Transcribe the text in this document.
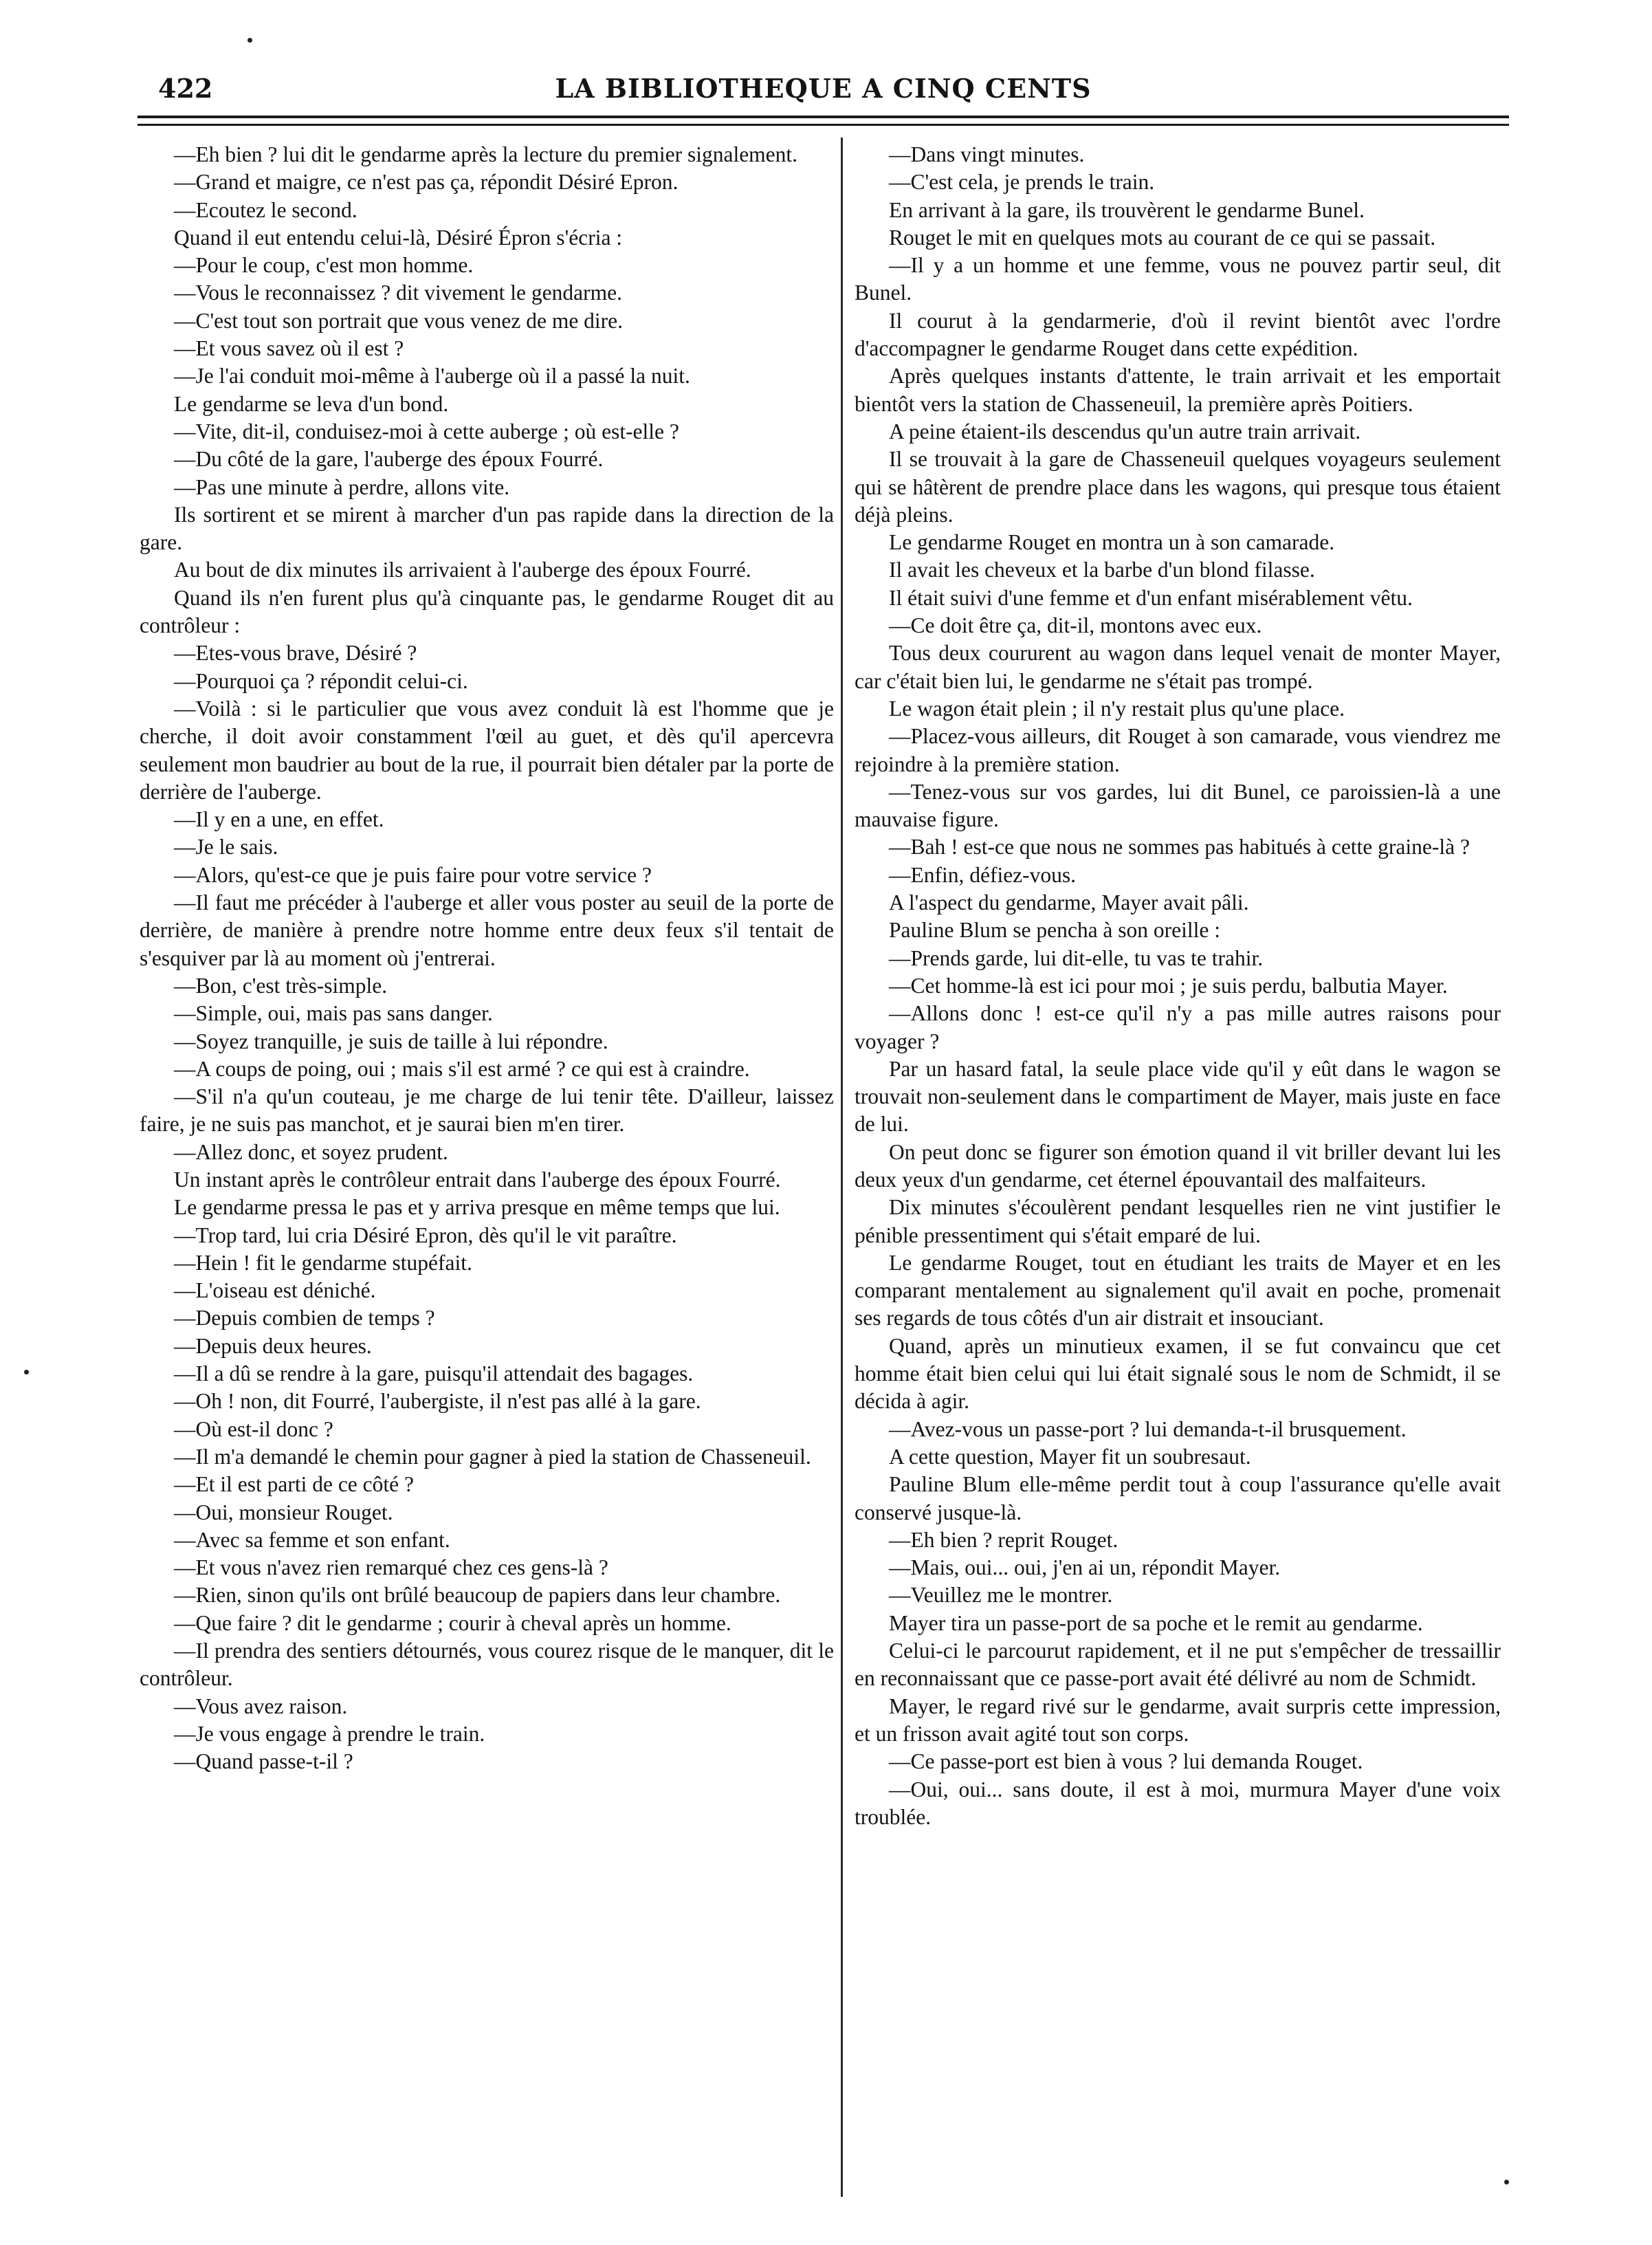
422	LA BIBLIOTHEQUE A CINQ CENTS

—Eh bien ? lui dit le gendarme après la lecture du premier signalement.

—Grand et maigre, ce n'est pas ça, répondit Désiré Epron.

—Ecoutez le second.

Quand il eut entendu celui-là, Désiré Épron s'écria :

—Pour le coup, c'est mon homme.

—Vous le reconnaissez ? dit vivement le gendarme.

—C'est tout son portrait que vous venez de me dire.

—Et vous savez où il est ?

—Je l'ai conduit moi-même à l'auberge où il a passé la nuit.

Le gendarme se leva d'un bond.

—Vite, dit-il, conduisez-moi à cette auberge ; où est-elle ?

—Du côté de la gare, l'auberge des époux Fourré.

—Pas une minute à perdre, allons vite.

Ils sortirent et se mirent à marcher d'un pas rapide dans la direction de la gare.

Au bout de dix minutes ils arrivaient à l'auberge des époux Fourré.

Quand ils n'en furent plus qu'à cinquante pas, le gendarme Rouget dit au contrôleur :

—Etes-vous brave, Désiré ?

—Pourquoi ça ? répondit celui-ci.

—Voilà : si le particulier que vous avez conduit là est l'homme que je cherche, il doit avoir constamment l'œil au guet, et dès qu'il apercevra seulement mon baudrier au bout de la rue, il pourrait bien détaler par la porte de derrière de l'auberge.

—Il y en a une, en effet.

—Je le sais.

—Alors, qu'est-ce que je puis faire pour votre service ?

—Il faut me précéder à l'auberge et aller vous poster au seuil de la porte de derrière, de manière à prendre notre homme entre deux feux s'il tentait de s'esquiver par là au moment où j'entrerai.

—Bon, c'est très-simple.

—Simple, oui, mais pas sans danger.

—Soyez tranquille, je suis de taille à lui répondre.

—A coups de poing, oui ; mais s'il est armé ? ce qui est à craindre.

—S'il n'a qu'un couteau, je me charge de lui tenir tête. D'ailleur, laissez faire, je ne suis pas manchot, et je saurai bien m'en tirer.

—Allez donc, et soyez prudent.

Un instant après le contrôleur entrait dans l'auberge des époux Fourré.

Le gendarme pressa le pas et y arriva presque en même temps que lui.

—Trop tard, lui cria Désiré Epron, dès qu'il le vit paraître.

—Hein ! fit le gendarme stupéfait.

—L'oiseau est déniché.

—Depuis combien de temps ?

—Depuis deux heures.

—Il a dû se rendre à la gare, puisqu'il attendait des bagages.

—Oh ! non, dit Fourré, l'aubergiste, il n'est pas allé à la gare.

—Où est-il donc ?

—Il m'a demandé le chemin pour gagner à pied la station de Chasseneuil.

—Et il est parti de ce côté ?

—Oui, monsieur Rouget.

—Avec sa femme et son enfant.

—Et vous n'avez rien remarqué chez ces gens-là ?

—Rien, sinon qu'ils ont brûlé beaucoup de papiers dans leur chambre.

—Que faire ? dit le gendarme ; courir à cheval après un homme.

—Il prendra des sentiers détournés, vous courez risque de le manquer, dit le contrôleur.

—Vous avez raison.

—Je vous engage à prendre le train.

—Quand passe-t-il ?

—Dans vingt minutes.

—C'est cela, je prends le train.

En arrivant à la gare, ils trouvèrent le gendarme Bunel.

Rouget le mit en quelques mots au courant de ce qui se passait.

—Il y a un homme et une femme, vous ne pouvez partir seul, dit Bunel.

Il courut à la gendarmerie, d'où il revint bientôt avec l'ordre d'accompagner le gendarme Rouget dans cette expédition.

Après quelques instants d'attente, le train arrivait et les emportait bientôt vers la station de Chasseneuil, la première après Poitiers.

A peine étaient-ils descendus qu'un autre train arrivait.

Il se trouvait à la gare de Chasseneuil quelques voyageurs seulement qui se hâtèrent de prendre place dans les wagons, qui presque tous étaient déjà pleins.

Le gendarme Rouget en montra un à son camarade.

Il avait les cheveux et la barbe d'un blond filasse.

Il était suivi d'une femme et d'un enfant misérablement vêtu.

—Ce doit être ça, dit-il, montons avec eux.

Tous deux coururent au wagon dans lequel venait de monter Mayer, car c'était bien lui, le gendarme ne s'était pas trompé.

Le wagon était plein ; il n'y restait plus qu'une place.

—Placez-vous ailleurs, dit Rouget à son camarade, vous viendrez me rejoindre à la première station.

—Tenez-vous sur vos gardes, lui dit Bunel, ce paroissien-là a une mauvaise figure.

—Bah ! est-ce que nous ne sommes pas habitués à cette graine-là ?

—Enfin, défiez-vous.

A l'aspect du gendarme, Mayer avait pâli.

Pauline Blum se pencha à son oreille :

—Prends garde, lui dit-elle, tu vas te trahir.

—Cet homme-là est ici pour moi ; je suis perdu, balbutia Mayer.

—Allons donc ! est-ce qu'il n'y a pas mille autres raisons pour voyager ?

Par un hasard fatal, la seule place vide qu'il y eût dans le wagon se trouvait non-seulement dans le compartiment de Mayer, mais juste en face de lui.

On peut donc se figurer son émotion quand il vit briller devant lui les deux yeux d'un gendarme, cet éternel épouvantail des malfaiteurs.

Dix minutes s'écoulèrent pendant lesquelles rien ne vint justifier le pénible pressentiment qui s'était emparé de lui.

Le gendarme Rouget, tout en étudiant les traits de Mayer et en les comparant mentalement au signalement qu'il avait en poche, promenait ses regards de tous côtés d'un air distrait et insouciant.

Quand, après un minutieux examen, il se fut convaincu que cet homme était bien celui qui lui était signalé sous le nom de Schmidt, il se décida à agir.

—Avez-vous un passe-port ? lui demanda-t-il brusquement.

A cette question, Mayer fit un soubresaut.

Pauline Blum elle-même perdit tout à coup l'assurance qu'elle avait conservé jusque-là.

—Eh bien ? reprit Rouget.

—Mais, oui... oui, j'en ai un, répondit Mayer.

—Veuillez me le montrer.

Mayer tira un passe-port de sa poche et le remit au gendarme.

Celui-ci le parcourut rapidement, et il ne put s'empêcher de tressaillir en reconnaissant que ce passe-port avait été délivré au nom de Schmidt.

Mayer, le regard rivé sur le gendarme, avait surpris cette impression, et un frisson avait agité tout son corps.

—Ce passe-port est bien à vous ? lui demanda Rouget.

—Oui, oui... sans doute, il est à moi, murmura Mayer d'une voix troublée.
